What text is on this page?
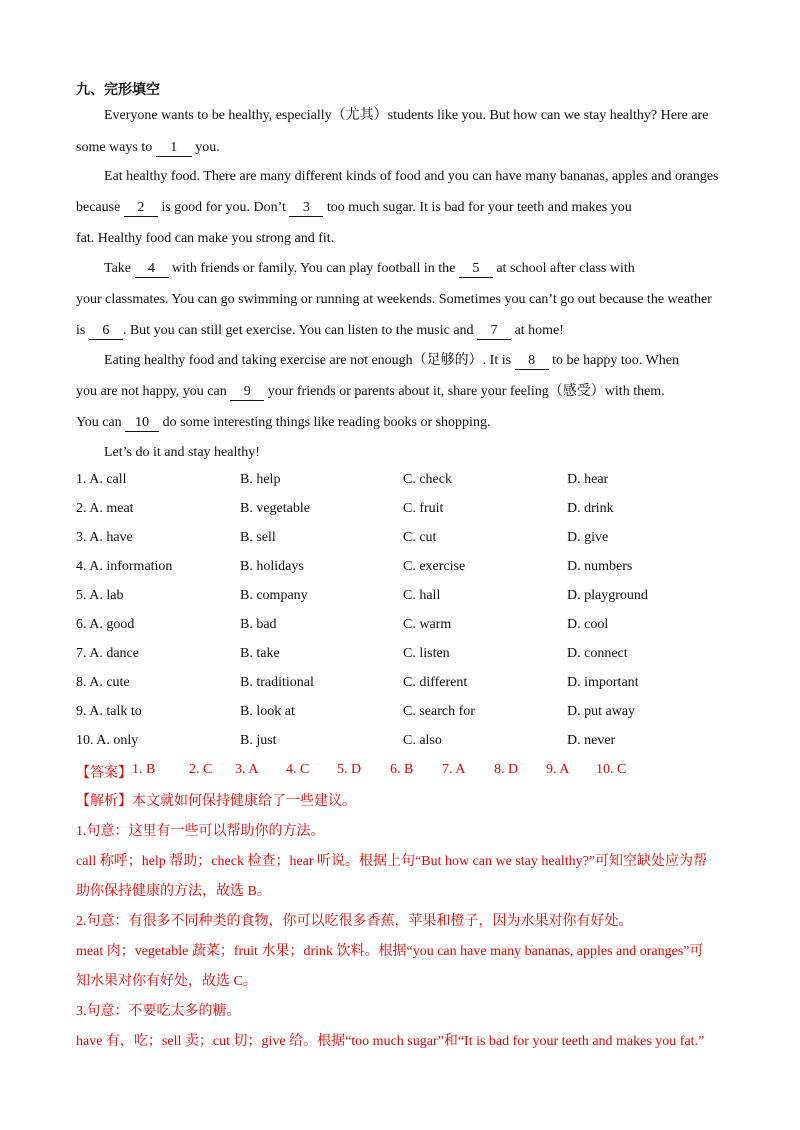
九、完形填空
Everyone wants to be healthy, especially（尤其）students like you. But how can we stay healthy? Here are
some ways to 1 you.
Eat healthy food. There are many different kinds of food and you can have many bananas, apples and oranges
because 2 is good for you. Don’t 3 too much sugar. It is bad for your teeth and makes you
fat. Healthy food can make you strong and fit.
Take 4 with friends or family. You can play football in the 5 at school after class with
your classmates. You can go swimming or running at weekends. Sometimes you can’t go out because the weather
is 6 . But you can still get exercise. You can listen to the music and 7 at home!
Eating healthy food and taking exercise are not enough（足够的）. It is 8 to be happy too. When
you are not happy, you can 9 your friends or parents about it, share your feeling（感受）with them.
You can 10 do some interesting things like reading books or shopping.
Let’s do it and stay healthy!
1. A. call	B. help	C. check	D. hear
2. A. meat	B. vegetable	C. fruit	D. drink
3. A. have	B. sell	C. cut	D. give
4. A. information	B. holidays	C. exercise	D. numbers
5. A. lab	B. company	C. hall	D. playground
6. A. good	B. bad	C. warm	D. cool
7. A. dance	B. take	C. listen	D. connect
8. A. cute	B. traditional	C. different	D. important
9. A. talk to	B. look at	C. search for	D. put away
10. A. only	B. just	C. also	D. never
【答案】 1. B 2. C 3. A 4. C 5. D 6. B 7. A 8. D 9. A 10. C
【解析】本文就如何保持健康给了一些建议。
1.句意：这里有一些可以帮助你的方法。
call 称呼；help 帮助；check 检查；hear 听说。根据上句“But how can we stay healthy?”可知空缺处应为帮
助你保持健康的方法，故选 B。
2.句意：有很多不同种类的食物，你可以吃很多香蕉，苹果和橙子，因为水果对你有好处。
meat 肉；vegetable 蔬菜；fruit 水果；drink 饮料。根据“you can have many bananas, apples and oranges”可
知水果对你有好处，故选 C。
3.句意：不要吃太多的糖。
have 有，吃；sell 卖；cut 切；give 给。根据“too much sugar”和“It is bad for your teeth and makes you fat.”
